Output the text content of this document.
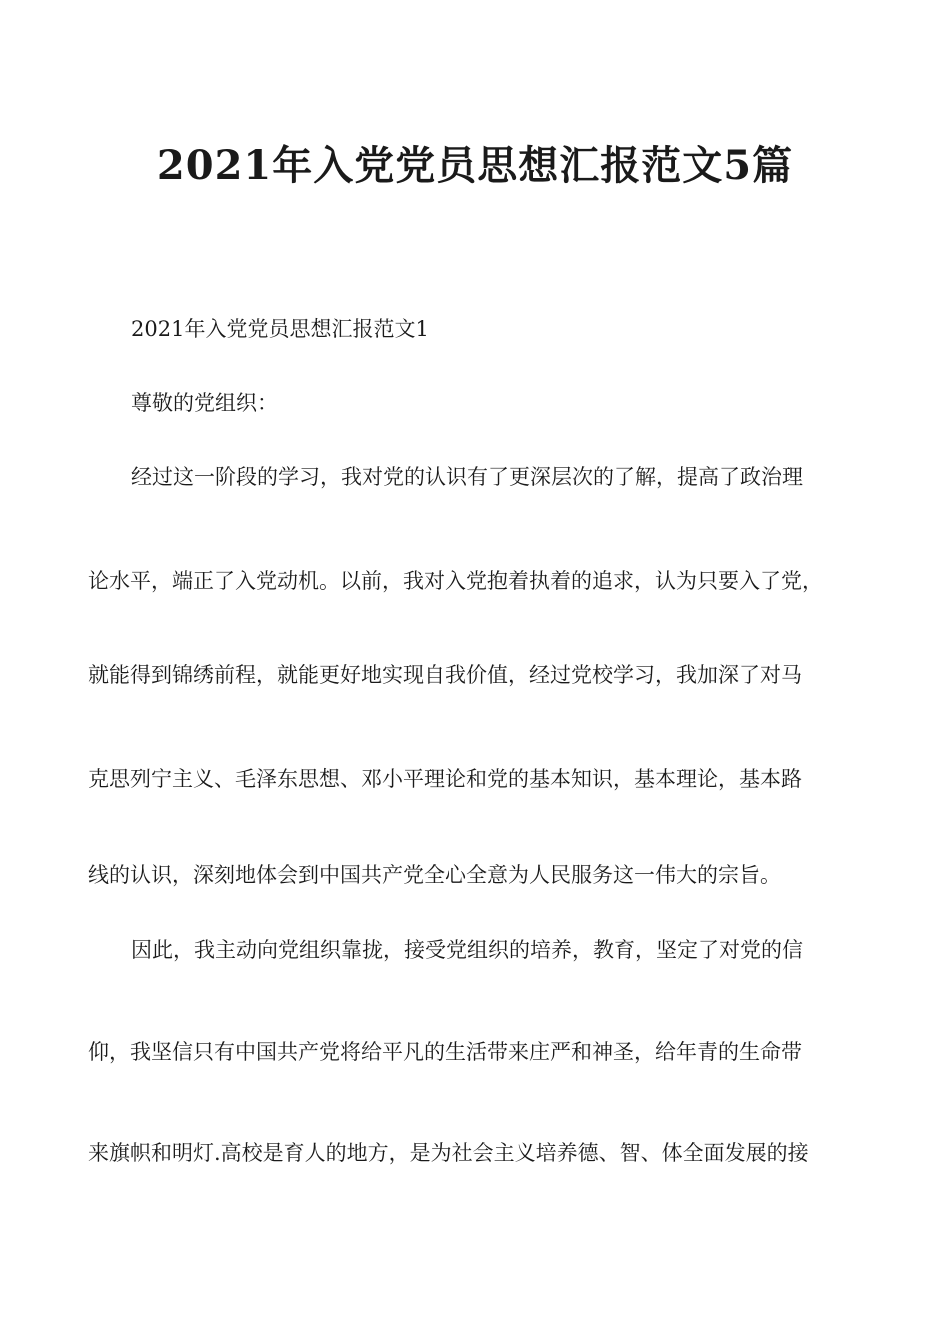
2021年入党党员思想汇报范文5篇

2021年入党党员思想汇报范文1

尊敬的党组织：

经过这一阶段的学习，我对党的认识有了更深层次的了解，提高了政治理

论水平，端正了入党动机。以前，我对入党抱着执着的追求，认为只要入了党，

就能得到锦绣前程，就能更好地实现自我价值，经过党校学习，我加深了对马

克思列宁主义、毛泽东思想、邓小平理论和党的基本知识，基本理论，基本路

线的认识，深刻地体会到中国共产党全心全意为人民服务这一伟大的宗旨。

因此，我主动向党组织靠拢，接受党组织的培养，教育，坚定了对党的信

仰，我坚信只有中国共产党将给平凡的生活带来庄严和神圣，给年青的生命带

来旗帜和明灯.高校是育人的地方，是为社会主义培养德、智、体全面发展的接
